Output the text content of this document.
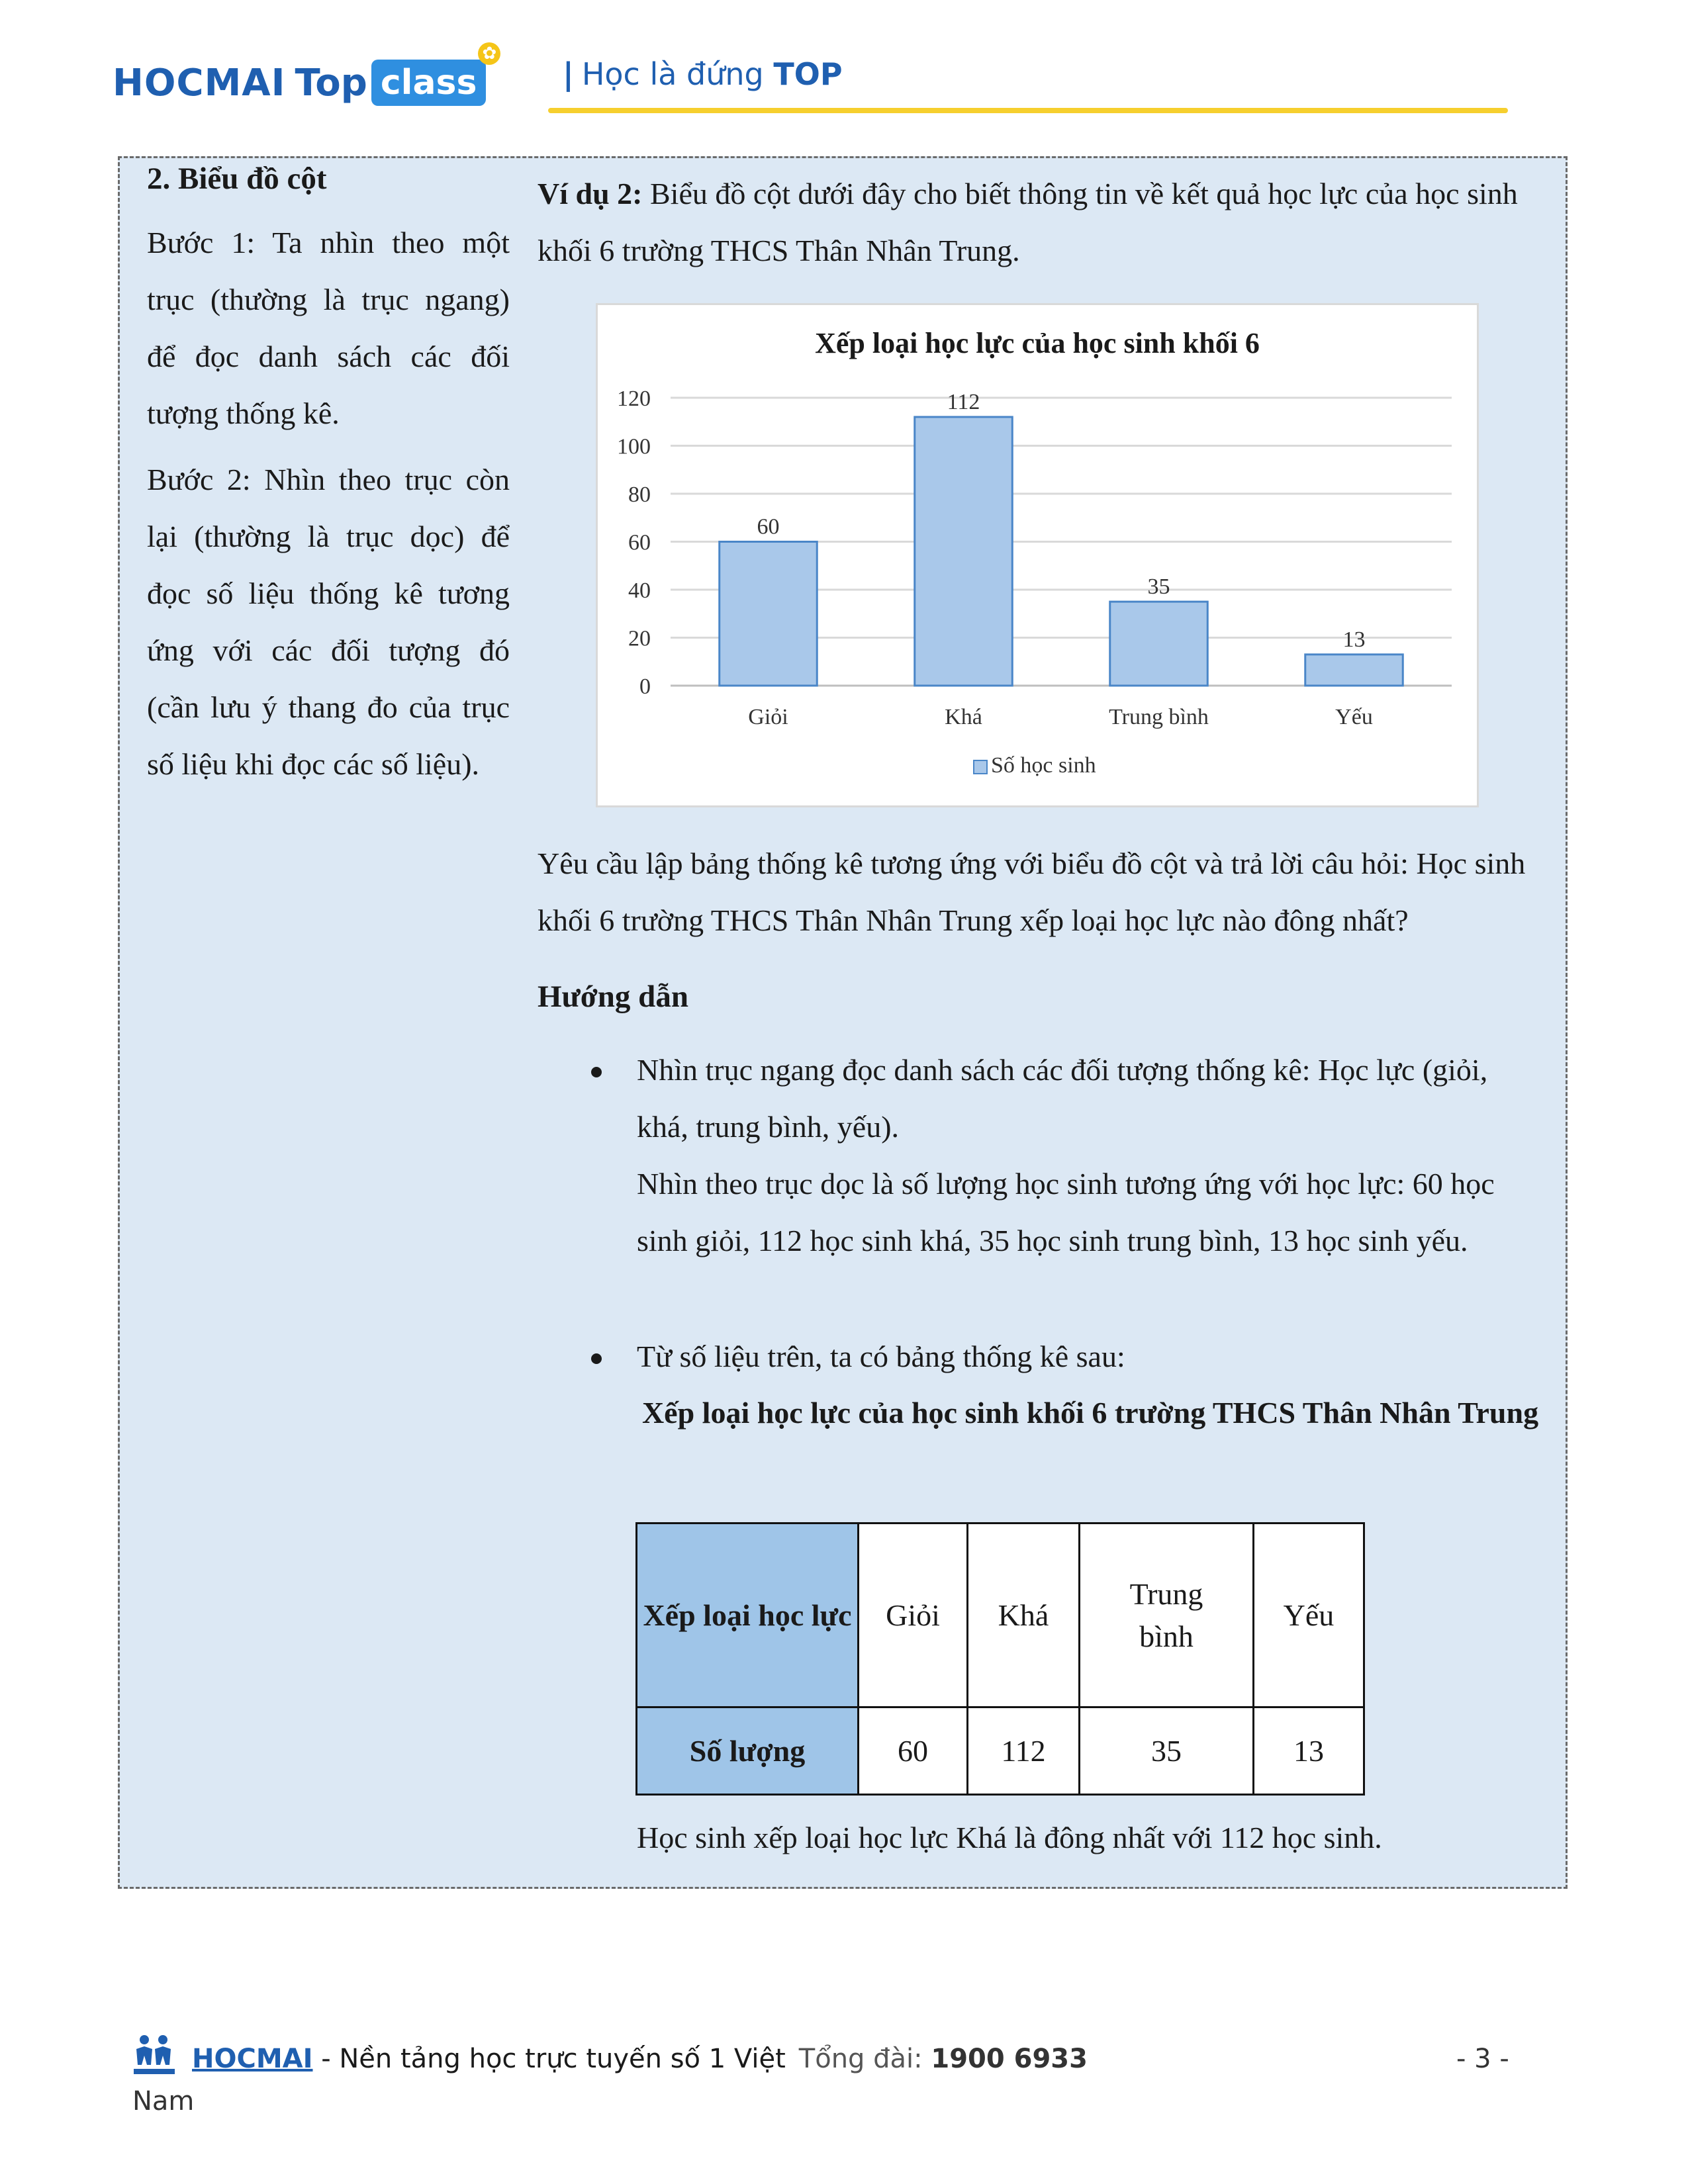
HOCMAI Top class
✿
| Học là đứng TOP
2. Biểu đồ cột

Bước 1: Ta nhìn theo một trục (thường là trục ngang) để đọc danh sách các đối tượng thống kê.

Bước 2: Nhìn theo trục còn lại (thường là trục dọc) để đọc số liệu thống kê tương ứng với các đối tượng đó (cần lưu ý thang đo của trục số liệu khi đọc các số liệu).

Ví dụ 2: Biểu đồ cột dưới đây cho biết thông tin về kết quả học lực của học sinh khối 6 trường THCS Thân Nhân Trung.

Xếp loại học lực của học sinh khối 6
0
20
40
60
80
100
120
60
Giỏi
112
Khá
35
Trung bình
13
Yếu
Số học sinh

Yêu cầu lập bảng thống kê tương ứng với biểu đồ cột và trả lời câu hỏi: Học sinh khối 6 trường THCS Thân Nhân Trung xếp loại học lực nào đông nhất?

Hướng dẫn
Nhìn trục ngang đọc danh sách các đối tượng thống kê: Học lực (giỏi, khá, trung bình, yếu).
Nhìn theo trục dọc là số lượng học sinh tương ứng với học lực: 60 học sinh giỏi, 112 học sinh khá, 35 học sinh trung bình, 13 học sinh yếu.

Từ số liệu trên, ta có bảng thống kê sau:

Xếp loại học lực của học sinh khối 6 trường THCS Thân Nhân Trung

Xếp loại học lực	Giỏi	Khá	Trung bình	Yếu
Số lượng	60	112	35	13

Học sinh xếp loại học lực Khá là đông nhất với 112 học sinh.

HOCMAI - Nền tảng học trực tuyến số 1 Việt Tổng đài: 1900 6933
Nam
- 3 -
